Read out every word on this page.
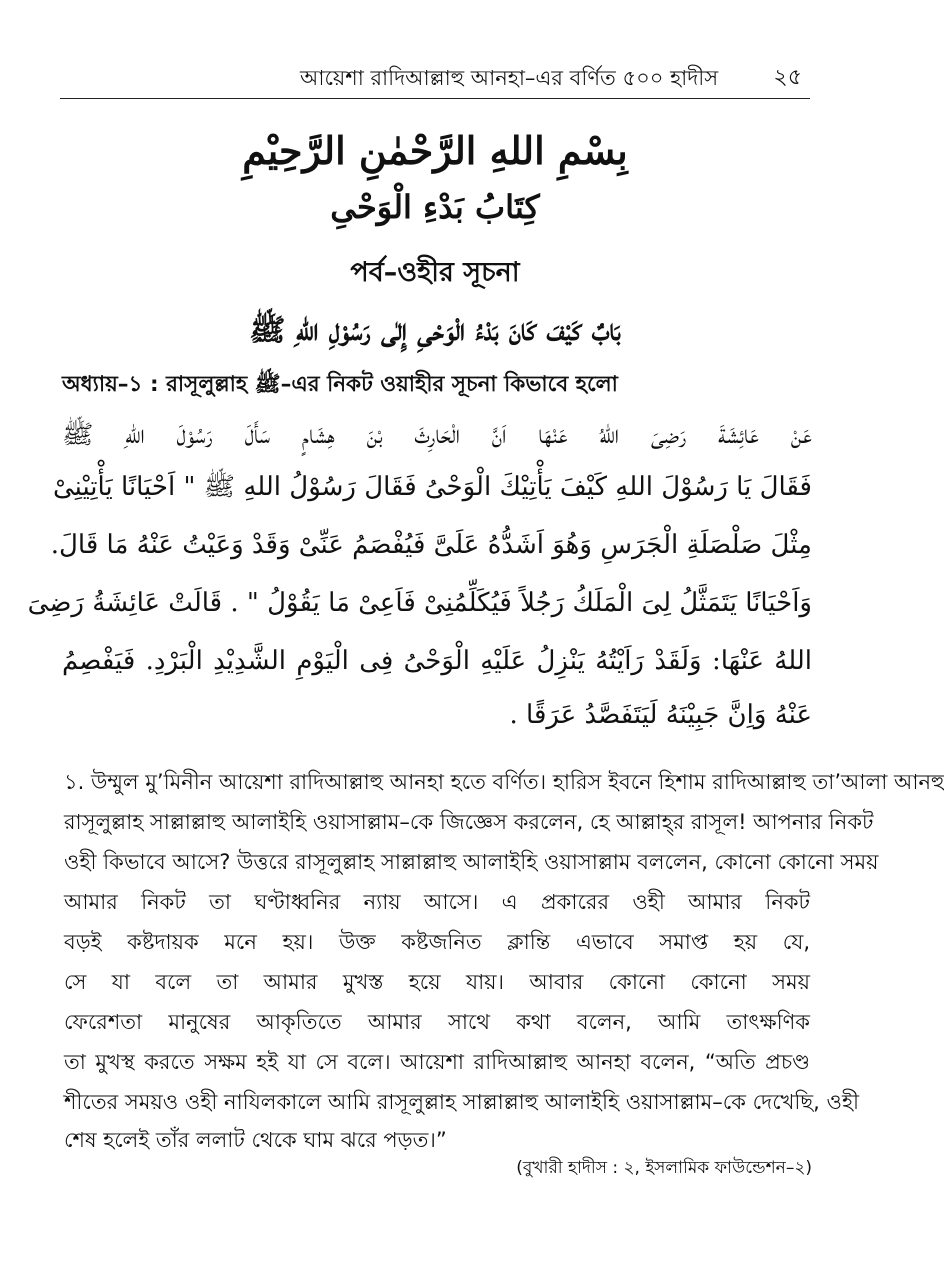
আয়েশা রাদিআল্লাহু আনহা–এর বর্ণিত ৫০০ হাদীস	২৫
بِسْمِ اللهِ الرَّحْمٰنِ الرَّحِيْمِ
كِتَابُ بَدْءِ الْوَحْىِ
পর্ব–ওহীর সূচনা
بَابٌ كَيْفَ كَانَ بَدْءُ الْوَحْىِ إِلٰى رَسُوْلِ اللهِ ﷺ
অধ্যায়–১ : রাসূলুল্লাহ ﷺ–এর নিকট ওয়াহীর সূচনা কিভাবে হলো
عَنْ عَائِشَةَ رَضِىَ اللهُ عَنْهَا اَنَّ الْحَارِثَ بْنَ هِشَامٍ سَأَلَ رَسُوْلَ اللهِ ﷺ
فَقَالَ يَا رَسُوْلَ اللهِ كَيْفَ يَأْتِيْكَ الْوَحْىُ فَقَالَ رَسُوْلُ اللهِ ﷺ " اَحْيَانًا يَأْتِيْنِىْ
مِثْلَ صَلْصَلَةِ الْجَرَسِ وَهُوَ اَشَدُّهُ عَلَىَّ فَيُفْصَمُ عَنِّىْ وَقَدْ وَعَيْتُ عَنْهُ مَا قَالَ.
وَاَحْيَانًا يَتَمَثَّلُ لِىَ الْمَلَكُ رَجُلاً فَيُكَلِّمُنِىْ فَاَعِىْ مَا يَقُوْلُ " . قَالَتْ عَائِشَةُ رَضِىَ
اللهُ عَنْهَا: وَلَقَدْ رَاَيْتُهُ يَنْزِلُ عَلَيْهِ الْوَحْىُ فِى الْيَوْمِ الشَّدِيْدِ الْبَرْدِ. فَيَفْصِمُ
عَنْهُ وَاِنَّ جَبِيْنَهُ لَيَتَفَصَّدُ عَرَقًا .
১. উম্মুল মু’মিনীন আয়েশা রাদিআল্লাহু আনহা হতে বর্ণিত। হারিস ইবনে হিশাম রাদিআল্লাহু তা’আলা আনহু
রাসূলুল্লাহ সাল্লাল্লাহু আলাইহি ওয়াসাল্লাম–কে জিজ্ঞেস করলেন, হে আল্লাহ্‌র রাসূল! আপনার নিকট
ওহী কিভাবে আসে? উত্তরে রাসূলুল্লাহ সাল্লাল্লাহু আলাইহি ওয়াসাল্লাম বললেন, কোনো কোনো সময়
আমার নিকট তা ঘণ্টাধ্বনির ন্যায় আসে। এ প্রকারের ওহী আমার নিকট
বড়ই কষ্টদায়ক মনে হয়। উক্ত কষ্টজনিত ক্লান্তি এভাবে সমাপ্ত হয় যে,
সে যা বলে তা আমার মুখস্ত হয়ে যায়। আবার কোনো কোনো সময়
ফেরেশতা মানুষের আকৃতিতে আমার সাথে কথা বলেন, আমি তাৎক্ষণিক
তা মুখস্থ করতে সক্ষম হই যা সে বলে। আয়েশা রাদিআল্লাহু আনহা বলেন, “অতি প্রচণ্ড
শীতের সময়ও ওহী নাযিলকালে আমি রাসূলুল্লাহ সাল্লাল্লাহু আলাইহি ওয়াসাল্লাম–কে দেখেছি, ওহী
শেষ হলেই তাঁর ললাট থেকে ঘাম ঝরে পড়ত।”
(বুখারী হাদীস : ২, ইসলামিক ফাউন্ডেশন–২)
